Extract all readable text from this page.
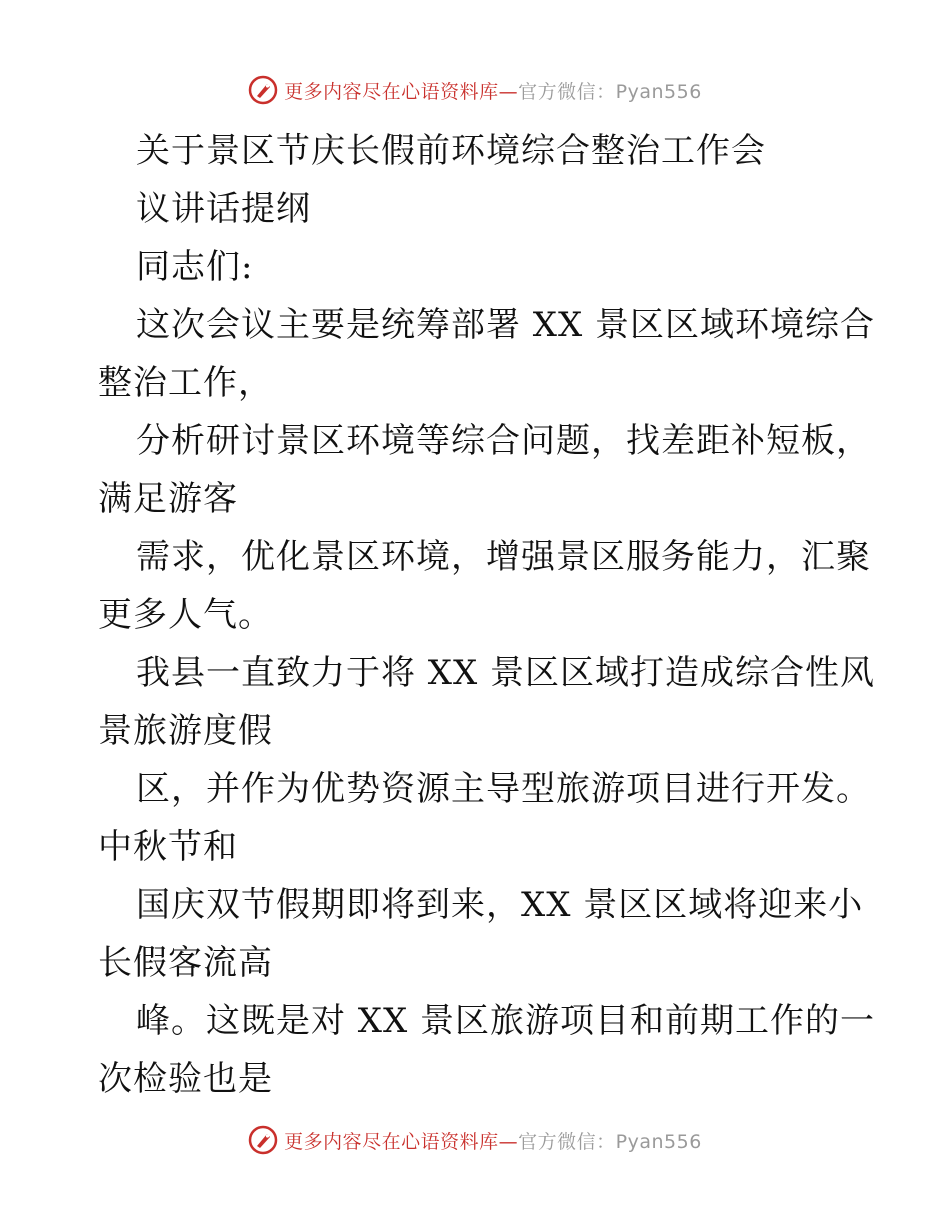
更多内容尽在心语资料库—官方微信：Pyan556
关于景区节庆长假前环境综合整治工作会
议讲话提纲
同志们:
这次会议主要是统筹部署 XX 景区区域环境综合
整治工作，
分析研讨景区环境等综合问题，找差距补短板，
满足游客
需求，优化景区环境，增强景区服务能力，汇聚
更多人气。
我县一直致力于将 XX 景区区域打造成综合性风
景旅游度假
区，并作为优势资源主导型旅游项目进行开发。
中秋节和
国庆双节假期即将到来，XX 景区区域将迎来小
长假客流高
峰。这既是对 XX 景区旅游项目和前期工作的一
次检验也是
更多内容尽在心语资料库—官方微信：Pyan556
